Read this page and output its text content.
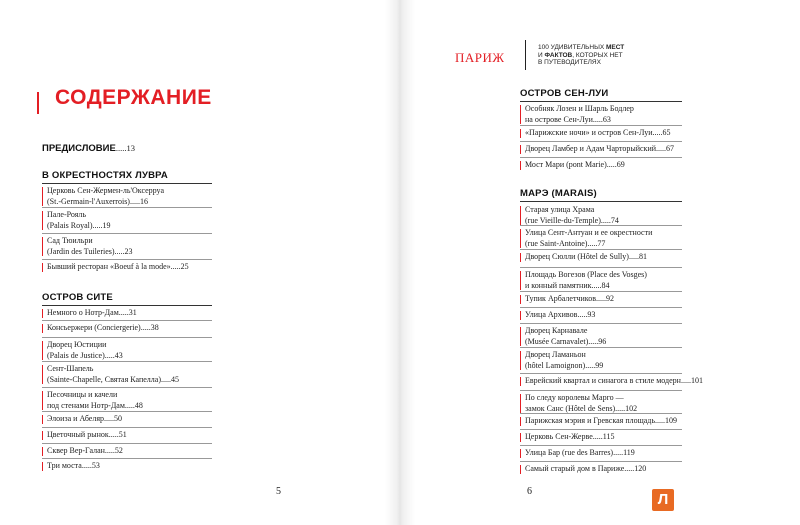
СОДЕРЖАНИЕ
ПРЕДИСЛОВИЕ.....13
В ОКРЕСТНОСТЯХ ЛУВРА
Церковь Сен-Жермен-ль'Оксерруа
(St.-Germain-l'Auxerrois).....16
Пале-Рояль
(Palais Royal).....19
Сад Тюильри
(Jardin des Tuileries).....23
Бывший ресторан «Boeuf à la mode».....25
ОСТРОВ СИТЕ
Немного о Нотр-Дам.....31
Консьержери (Conciergerie).....38
Дворец Юстиции
(Palais de Justice).....43
Сент-Шапель
(Sainte-Chapelle, Святая Капелла).....45
Песочницы и качели
под стенами Нотр-Дам.....48
Элоиза и Абеляр.....50
Цветочный рынок.....51
Сквер Вер-Галан.....52
Три моста.....53
5
ПАРИЖ
100 УДИВИТЕЛЬНЫХ МЕСТ
И ФАКТОВ, КОТОРЫХ НЕТ
В ПУТЕВОДИТЕЛЯХ
ОСТРОВ СЕН-ЛУИ
Особняк Лозен и Шарль Бодлер
на острове Сен-Луи.....63
«Парижские ночи» и остров Сен-Луи.....65
Дворец Ламбер и Адам Чарторыйский.....67
Мост Мари (pont Marie).....69
МАРЭ (MARAIS)
Старая улица Храма
(rue Vieille-du-Temple).....74
Улица Сент-Антуан и ее окрестности
(rue Saint-Antoine).....77
Дворец Сюлли (Hôtel de Sully).....81
Площадь Вогезов (Place des Vosges)
и конный памятник.....84
Тупик Арбалетчиков.....92
Улица Архивов.....93
Дворец Карнавале
(Musée Carnavalet).....96
Дворец Ламаньон
(hôtel Lamoignon).....99
Еврейский квартал и синагога в стиле модерн.....101
По следу королевы Марго —
замок Санс (Hôtel de Sens).....102
Парижская мэрия и Гревская площадь.....109
Церковь Сен-Жерве.....115
Улица Бар (rue des Barres).....119
Самый старый дом в Париже.....120
6	Л
